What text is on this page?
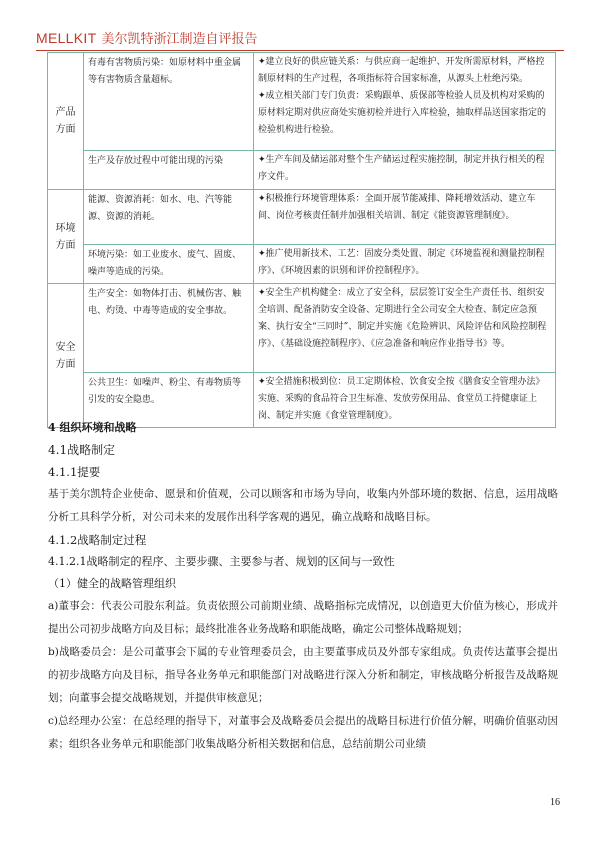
MELLKIT 美尔凯特浙江制造自评报告
产品方面	有毒有害物质污染：如原材料中重金属等有害物质含量超标。	✦建立良好的供应链关系：与供应商一起维护、开发所需原材料，严格控制原材料的生产过程，各项指标符合国家标准，从源头上杜绝污染。
✦成立相关部门专门负责：采购跟单、质保部等检验人员及机构对采购的原材料定期对供应商处实施初检并进行入库检验，抽取样品送国家指定的检验机构进行检验。

	生产及存放过程中可能出现的污染	✦生产车间及储运部对整个生产储运过程实施控制，制定并执行相关的程序文件。

环境方面	能源、资源消耗：如水、电、汽等能源、资源的消耗。	✦积极推行环境管理体系：全面开展节能减排、降耗增效活动、建立车间、岗位考核责任制并加强相关培训、制定《能资源管理制度》。

	环境污染：如工业废水、废气、固废、噪声等造成的污染。	✦推广使用新技术、工艺：固废分类处置、制定《环境监视和测量控制程序》、《环境因素的识别和评价控制程序》。

安全方面	生产安全：如物体打击、机械伤害、触电、灼烫、中毒等造成的安全事故。	✦安全生产机构健全：成立了安全科，层层签订安全生产责任书、组织安全培训、配备消防安全设备、定期进行全公司安全大检查、制定应急预案、执行安全“三同时”、制定并实施《危险辨识、风险评估和风险控制程序》、《基础设施控制程序》、《应急准备和响应作业指导书》等。

	公共卫生：如噪声、粉尘、有毒物质等引发的安全隐患。	✦安全措施积极到位：员工定期体检、饮食安全按《膳食安全管理办法》实施、采购的食品符合卫生标准、发放劳保用品、食堂员工持健康证上岗、制定并实施《食堂管理制度》。
4 组织环境和战略
4.1战略制定
4.1.1提要

基于美尔凯特企业使命、愿景和价值观，公司以顾客和市场为导向，收集内外部环境的数据、信息，运用战略分析工具科学分析，对公司未来的发展作出科学客观的遇见，确立战略和战略目标。

4.1.2战略制定过程
4.1.2.1战略制定的程序、主要步骤、主要参与者、规划的区间与一致性
（1）健全的战略管理组织

a)董事会：代表公司股东利益。负责依照公司前期业绩、战略指标完成情况，以创造更大价值为核心，形成并提出公司初步战略方向及目标；最终批准各业务战略和职能战略，确定公司整体战略规划；

b)战略委员会：是公司董事会下属的专业管理委员会，由主要董事成员及外部专家组成。负责传达董事会提出的初步战略方向及目标，指导各业务单元和职能部门对战略进行深入分析和制定，审核战略分析报告及战略规划；向董事会提交战略规划，并提供审核意见；

c)总经理办公室：在总经理的指导下，对董事会及战略委员会提出的战略目标进行价值分解，明确价值驱动因素；组织各业务单元和职能部门收集战略分析相关数据和信息，总结前期公司业绩

16
